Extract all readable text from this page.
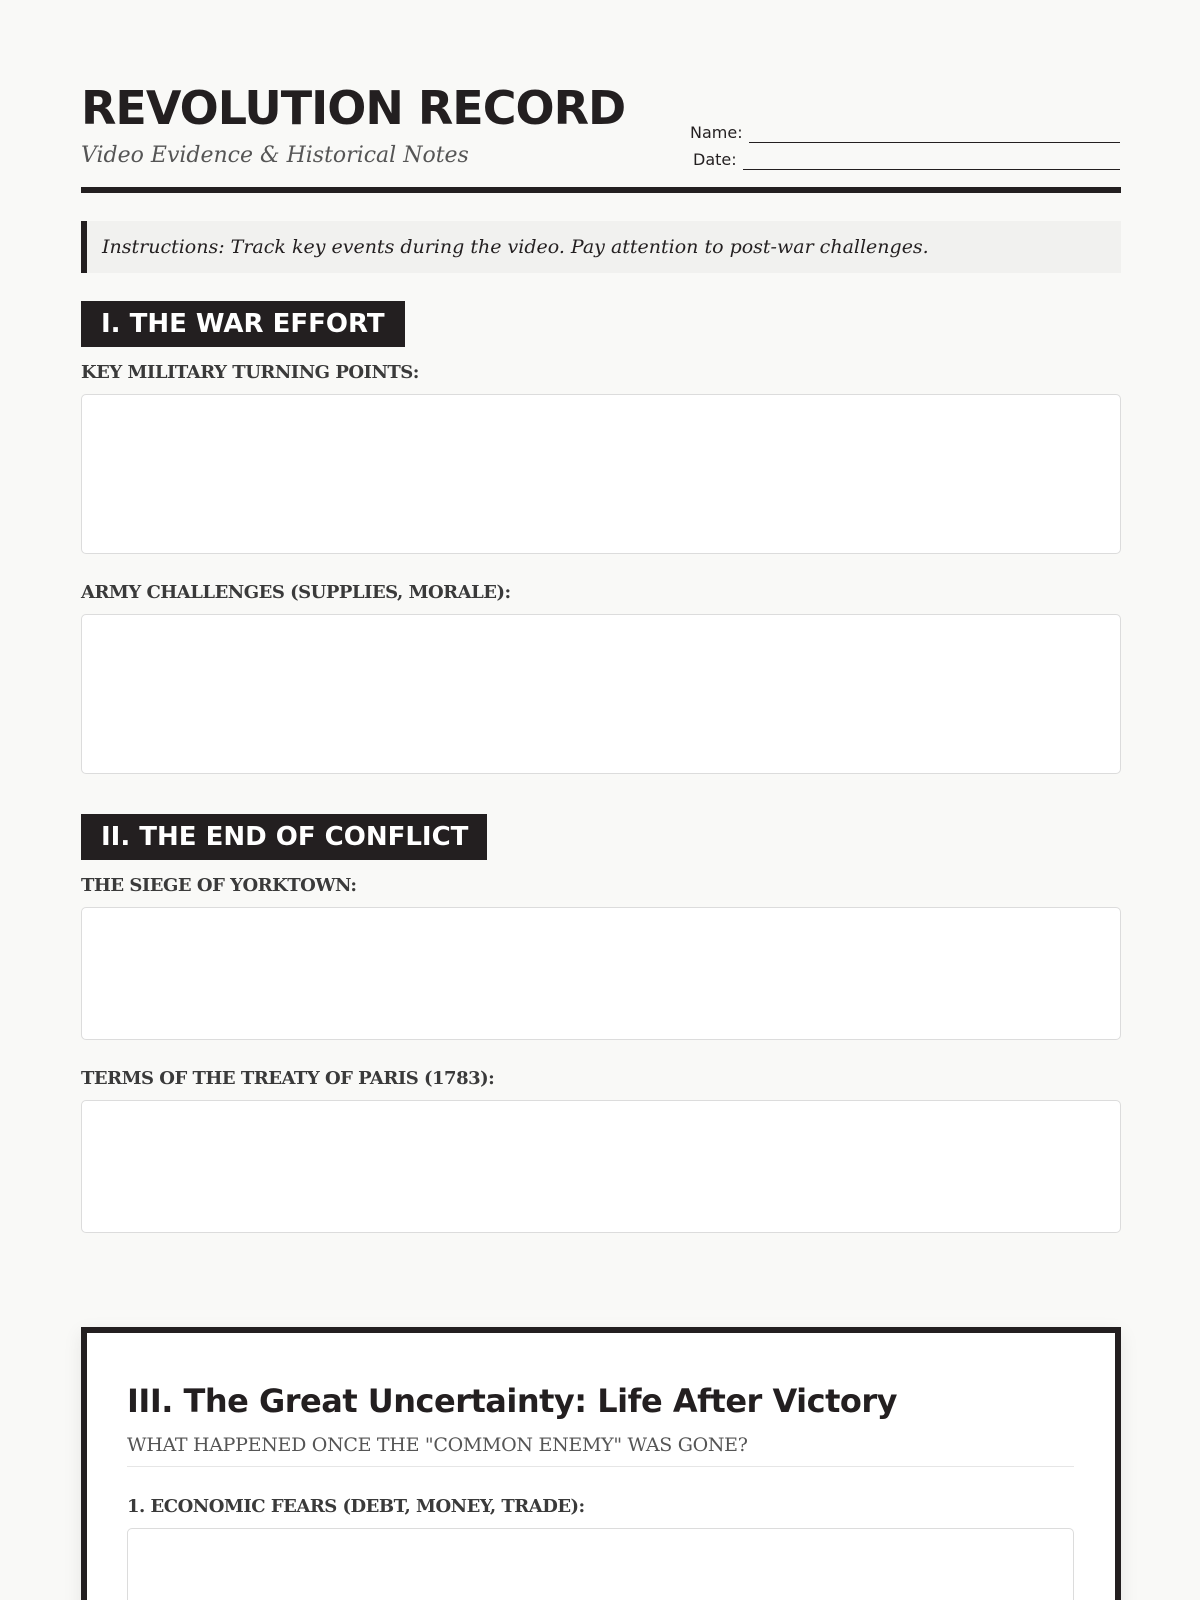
REVOLUTION RECORD
Video Evidence & Historical Notes
Name:
Date:
Instructions: Track key events during the video. Pay attention to post-war challenges.
I. THE WAR EFFORT
KEY MILITARY TURNING POINTS:
ARMY CHALLENGES (SUPPLIES, MORALE):
II. THE END OF CONFLICT
THE SIEGE OF YORKTOWN:
TERMS OF THE TREATY OF PARIS (1783):
III. The Great Uncertainty: Life After Victory
WHAT HAPPENED ONCE THE "COMMON ENEMY" WAS GONE?
1. ECONOMIC FEARS (DEBT, MONEY, TRADE):
